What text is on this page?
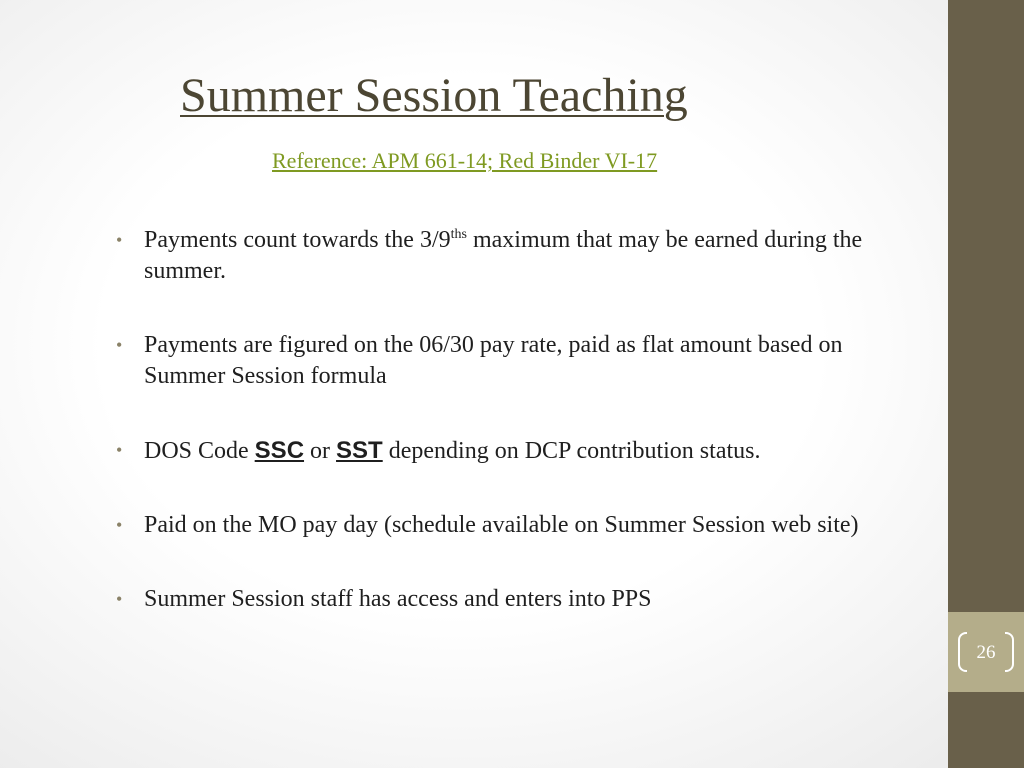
26
Summer Session Teaching
Reference: APM 661-14; Red Binder VI-17
• Payments count towards the $3/9^{ths}$ maximum that may be earned during the summer.
• Payments are figured on the 06/30 pay rate, paid as flat amount based on Summer Session formula
• DOS Code SSC or SST depending on DCP contribution status.
• Paid on the MO pay day (schedule available on Summer Session web site)
• Summer Session staff has access and enters into PPS
